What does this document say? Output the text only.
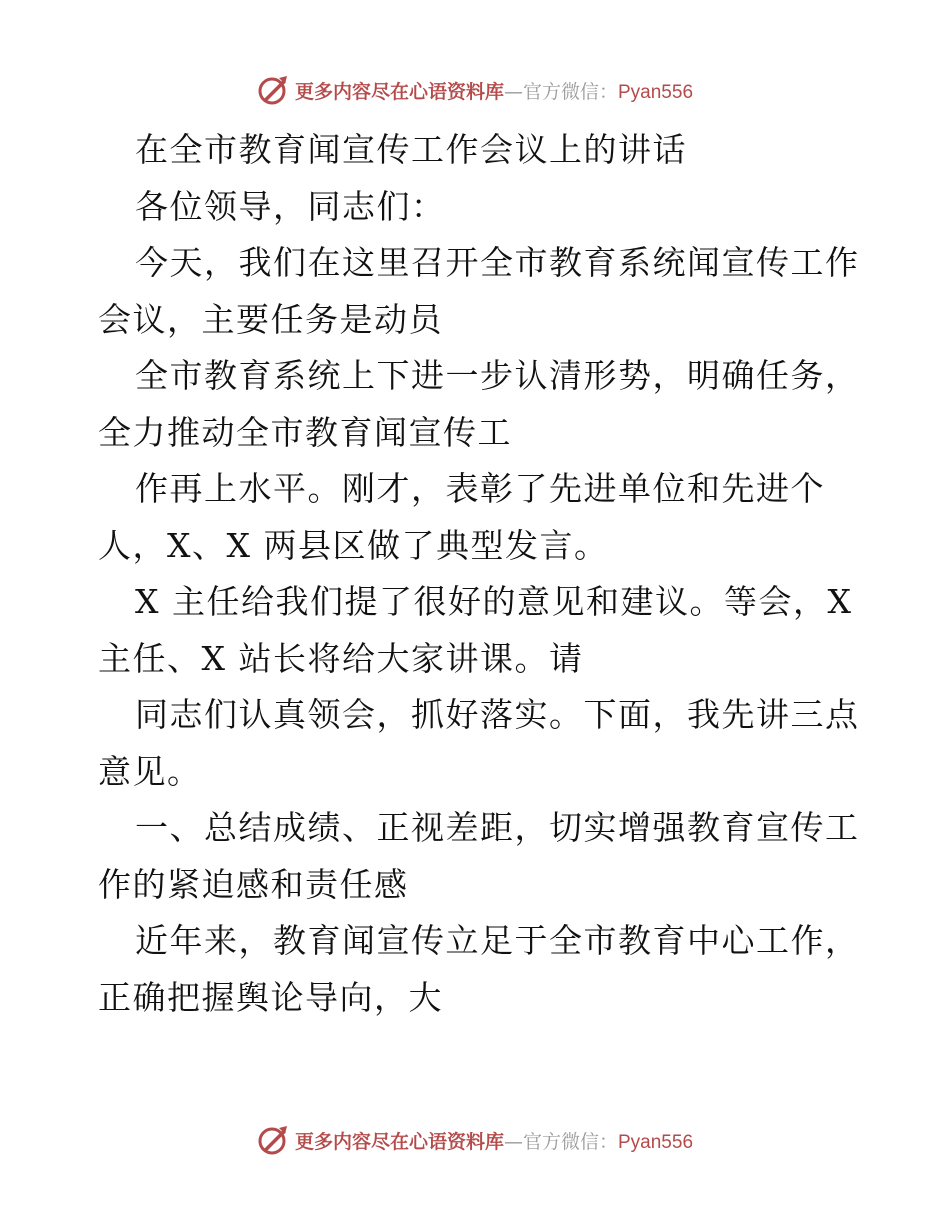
更多内容尽在心语资料库—官方微信：Pyan556
在全市教育闻宣传工作会议上的讲话
各位领导，同志们：
今天，我们在这里召开全市教育系统闻宣传工作
会议，主要任务是动员
全市教育系统上下进一步认清形势，明确任务，
全力推动全市教育闻宣传工
作再上水平。刚才，表彰了先进单位和先进个
人，X、X 两县区做了典型发言。
X 主任给我们提了很好的意见和建议。等会，X
主任、X 站长将给大家讲课。请
同志们认真领会，抓好落实。下面，我先讲三点
意见。
一、总结成绩、正视差距，切实增强教育宣传工
作的紧迫感和责任感
近年来，教育闻宣传立足于全市教育中心工作，
正确把握舆论导向，大
更多内容尽在心语资料库—官方微信：Pyan556
